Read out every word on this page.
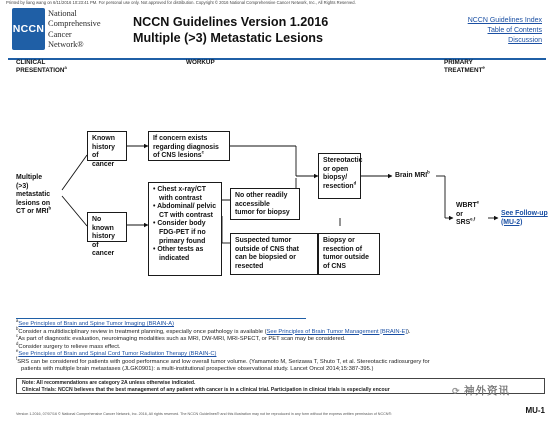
Printed by liang wang on 6/11/2016 10:23:41 PM. For personal use only. Not approved for distribution. Copyright © 2016 National Comprehensive Cancer Network, Inc., All Rights Reserved.
NCCN
National
Comprehensive
Cancer
Network®
NCCN Guidelines Version 1.2016
Multiple (>3) Metastatic Lesions
NCCN Guidelines Index
Table of Contents
Discussion
CLINICAL
PRESENTATION$^a$
WORKUP	PRIMARY
TREATMENT$^e$
Multiple
(>3)
metastatic
lesions on
CT or MRI$^b$
Known
history
of cancer
No known
history
of cancer
If concern exists
regarding diagnosis
of CNS lesions$^c$
• Chest x-ray/CT with contrast
• Abdominal/ pelvic CT with contrast
• Consider body FDG-PET if no primary found
• Other tests as indicated
No other readily
accessible
tumor for biopsy
Suspected tumor
outside of CNS that
can be biopsied or
resected
Stereotactic
or open
biopsy/
resection$^d$
Biopsy or
resection of
tumor outside
of CNS
Brain MRI$^b$
WBRT$^e$
or
SRS$^{e,f}$
See Follow-up
(MU-2)

$^a$See Principles of Brain and Spine Tumor Imaging (BRAIN-A)

$^b$Consider a multidisciplinary review in treatment planning, especially once pathology is available (See Principles of Brain Tumor Management [BRAIN-E]).

$^c$As part of diagnostic evaluation, neuroimaging modalities such as MRI, DW-MRI, MRI-SPECT, or PET scan may be considered.

$^d$Consider surgery to relieve mass effect.

$^e$See Principles of Brain and Spinal Cord Tumor Radiation Therapy (BRAIN-C)

$^f$SRS can be considered for patients with good performance and low overall tumor volume. (Yamamoto M, Serizawa T, Shuto T, et al. Stereotactic radiosurgery for

patients with multiple brain metastases (JLGK0901): a multi-institutional prospective observational study. Lancet Oncol 2014;15:387-395.)

Note: All recommendations are category 2A unless otherwise indicated.
Clinical Trials: NCCN believes that the best management of any patient with cancer is in a clinical trial. Participation in clinical trials is especially encour	⟳ 神外资讯
Version 1.2016, 07/07/16 © National Comprehensive Cancer Network, Inc. 2016, All rights reserved. The NCCN Guidelines® and this illustration may not be reproduced in any form without the express written permission of NCCN®.	MU-1
